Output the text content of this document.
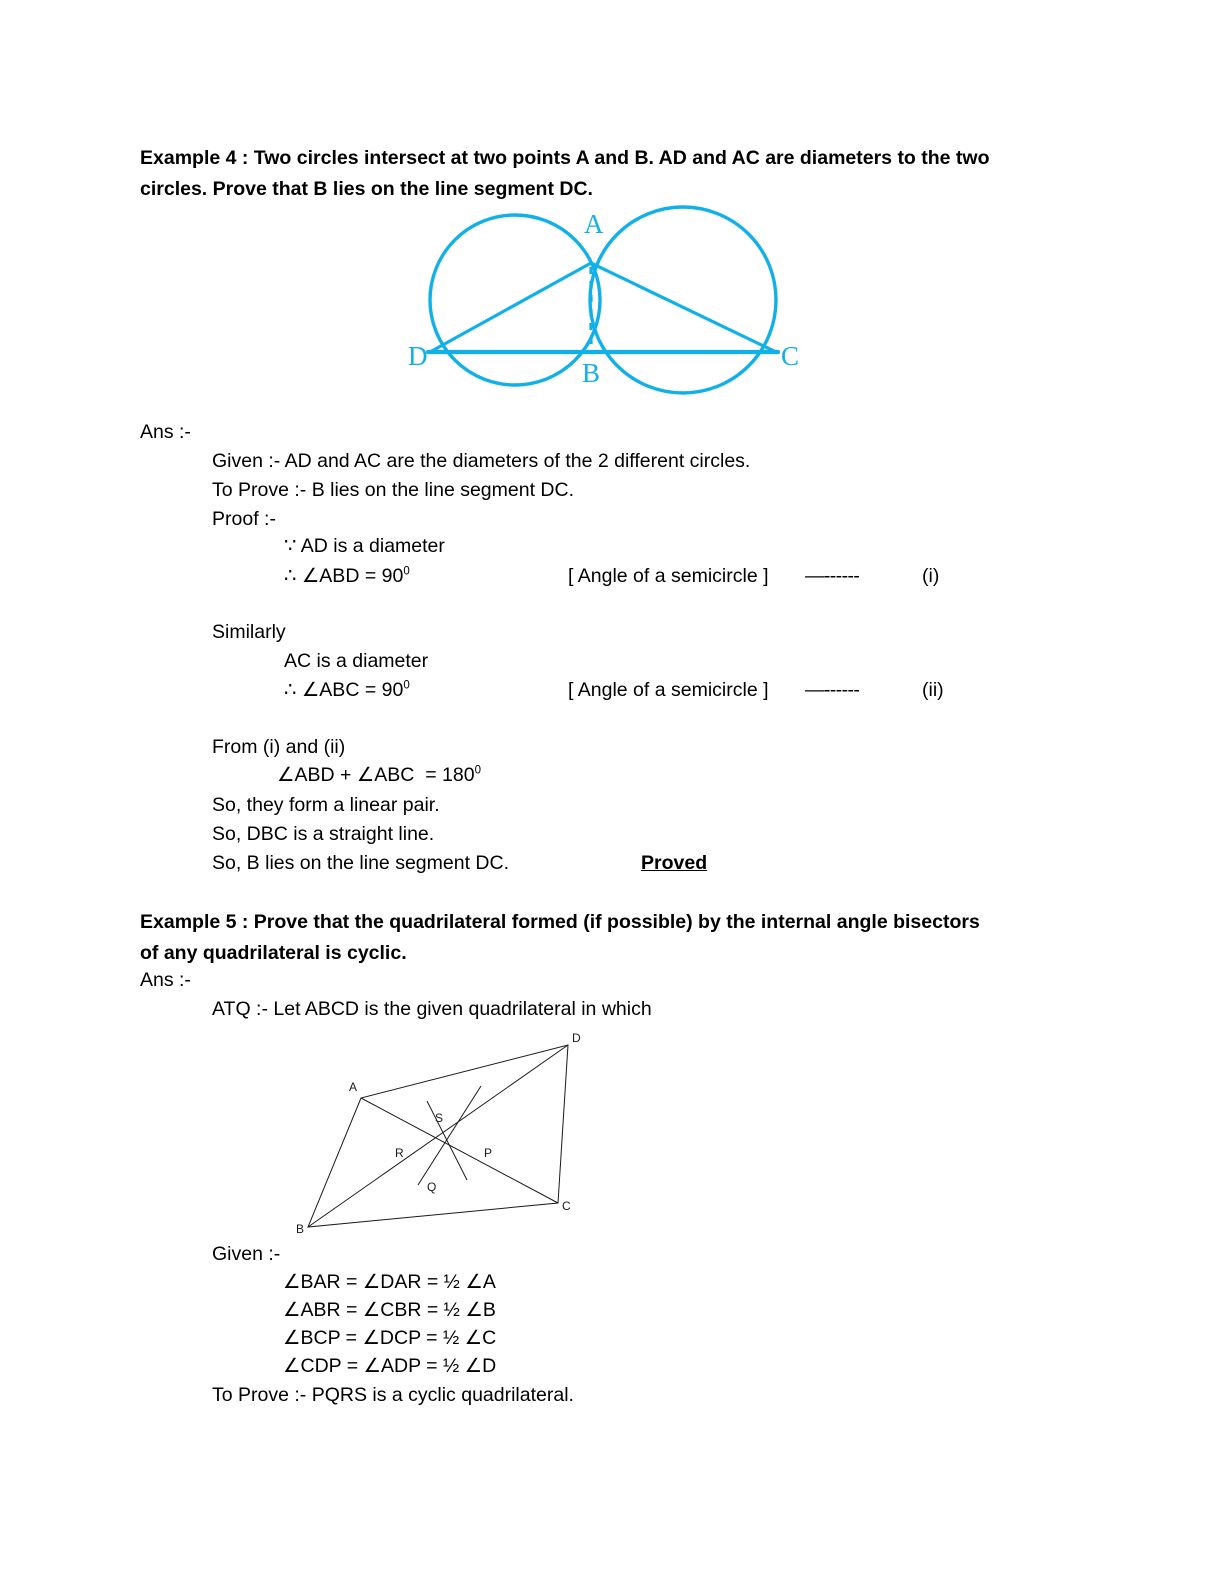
Example 4 : Two circles intersect at two points A and B. AD and AC are diameters to the two circles. Prove that B lies on the line segment DC.
A
B
C
D
Ans :-
Given :- AD and AC are the diameters of the 2 different circles.
To Prove :- B lies on the line segment DC.
Proof :-
∵ AD is a diameter
∴ ∠ABD = $90^0$	[ Angle of a semicircle ] —------	(i)
Similarly
AC is a diameter
∴ ∠ABC = $90^0$	[ Angle of a semicircle ] —------	(ii)
From (i) and (ii)
∠ABD + ∠ABC  = $180^0$
So, they form a linear pair.
So, DBC is a straight line.
So, B lies on the line segment DC.	Proved
Example 5 : Prove that the quadrilateral formed (if possible) by the internal angle bisectors of any quadrilateral is cyclic.
Ans :-
ATQ :- Let ABCD is the given quadrilateral in which
A
B
C
D
P
Q
R
S
Given :-
∠BAR = ∠DAR = ½ ∠A
∠ABR = ∠CBR = ½ ∠B
∠BCP = ∠DCP = ½ ∠C
∠CDP = ∠ADP = ½ ∠D
To Prove :- PQRS is a cyclic quadrilateral.
